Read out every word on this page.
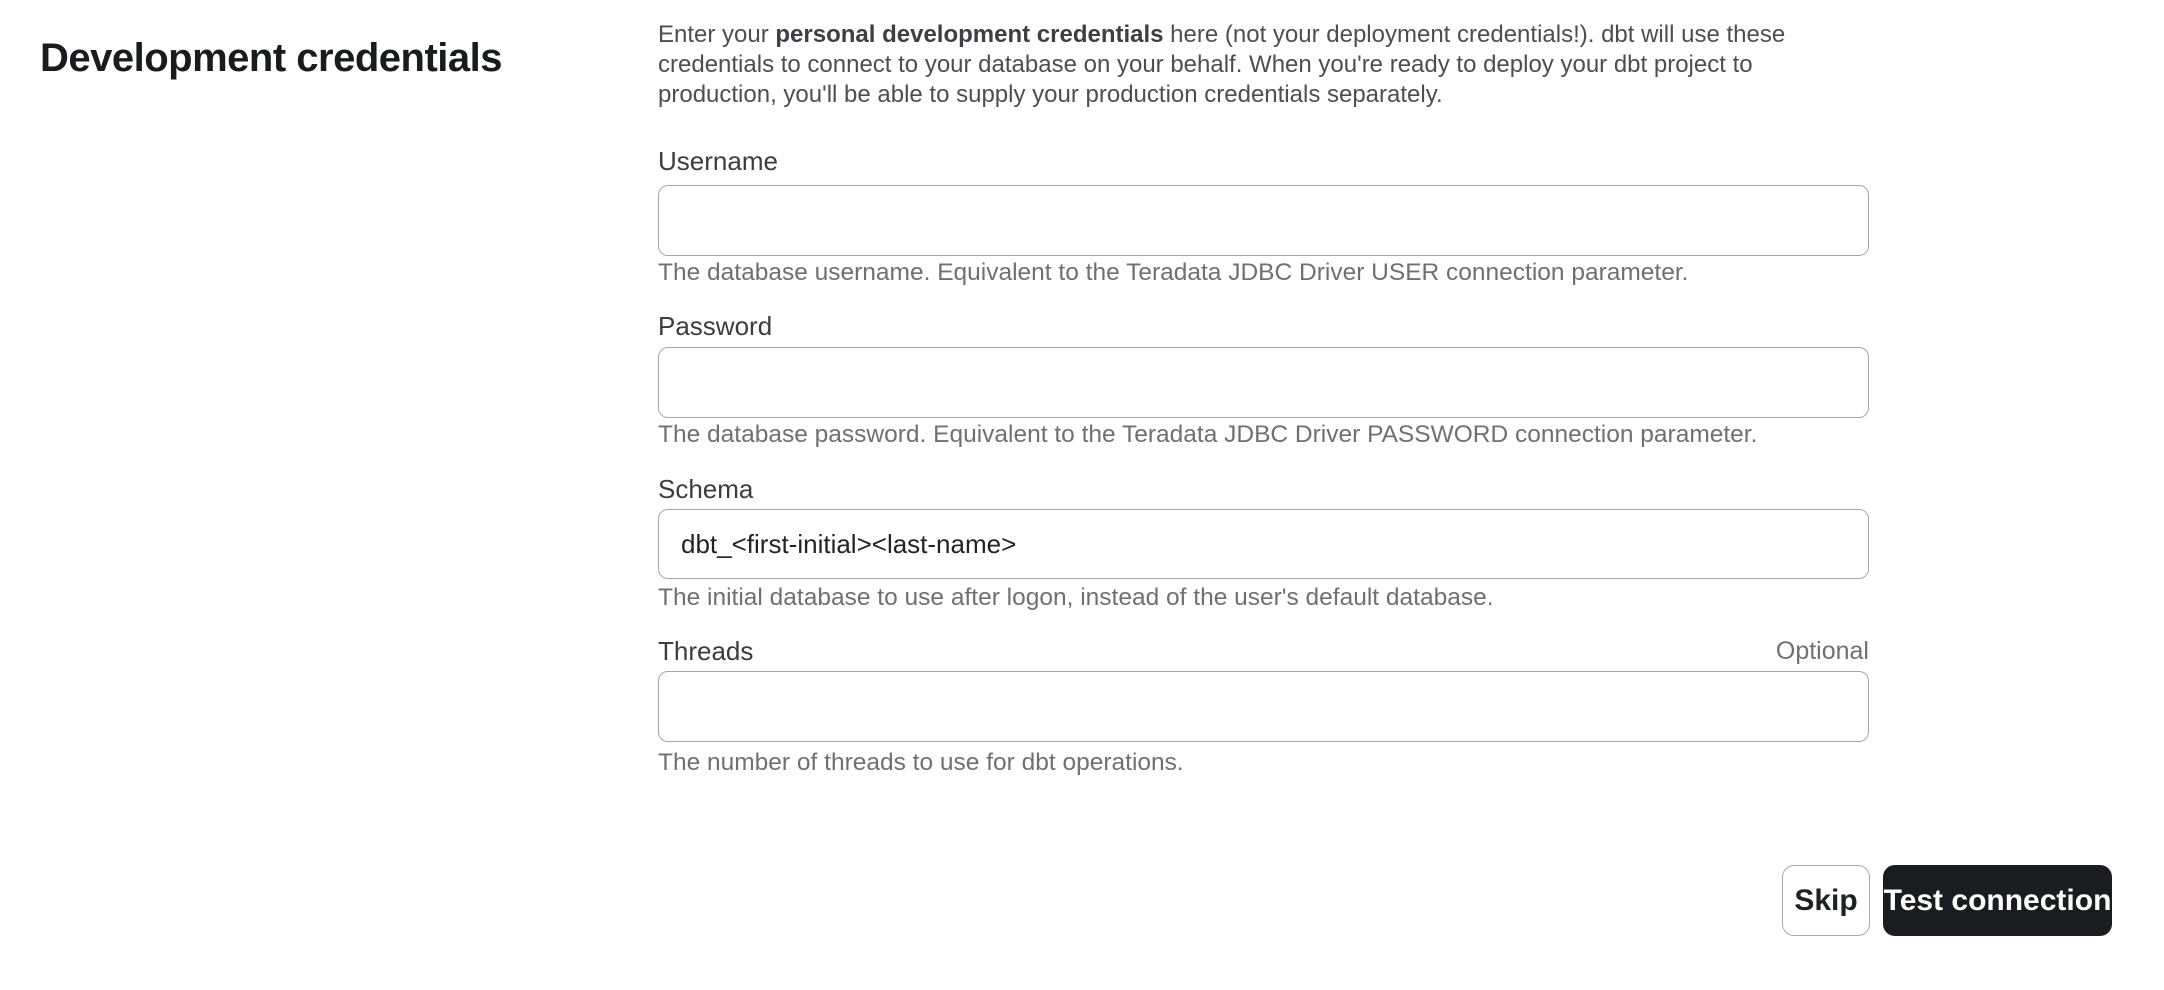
Development credentials

Enter your personal development credentials here (not your deployment credentials!). dbt will use these credentials to connect to your database on your behalf. When you're ready to deploy your dbt project to production, you'll be able to supply your production credentials separately.

Username
The database username. Equivalent to the Teradata JDBC Driver USER connection parameter.
Password
The database password. Equivalent to the Teradata JDBC Driver PASSWORD connection parameter.
Schema
dbt_<first-initial><last-name>
The initial database to use after logon, instead of the user's default database.
Threads	Optional
The number of threads to use for dbt operations.
Skip Test connection
